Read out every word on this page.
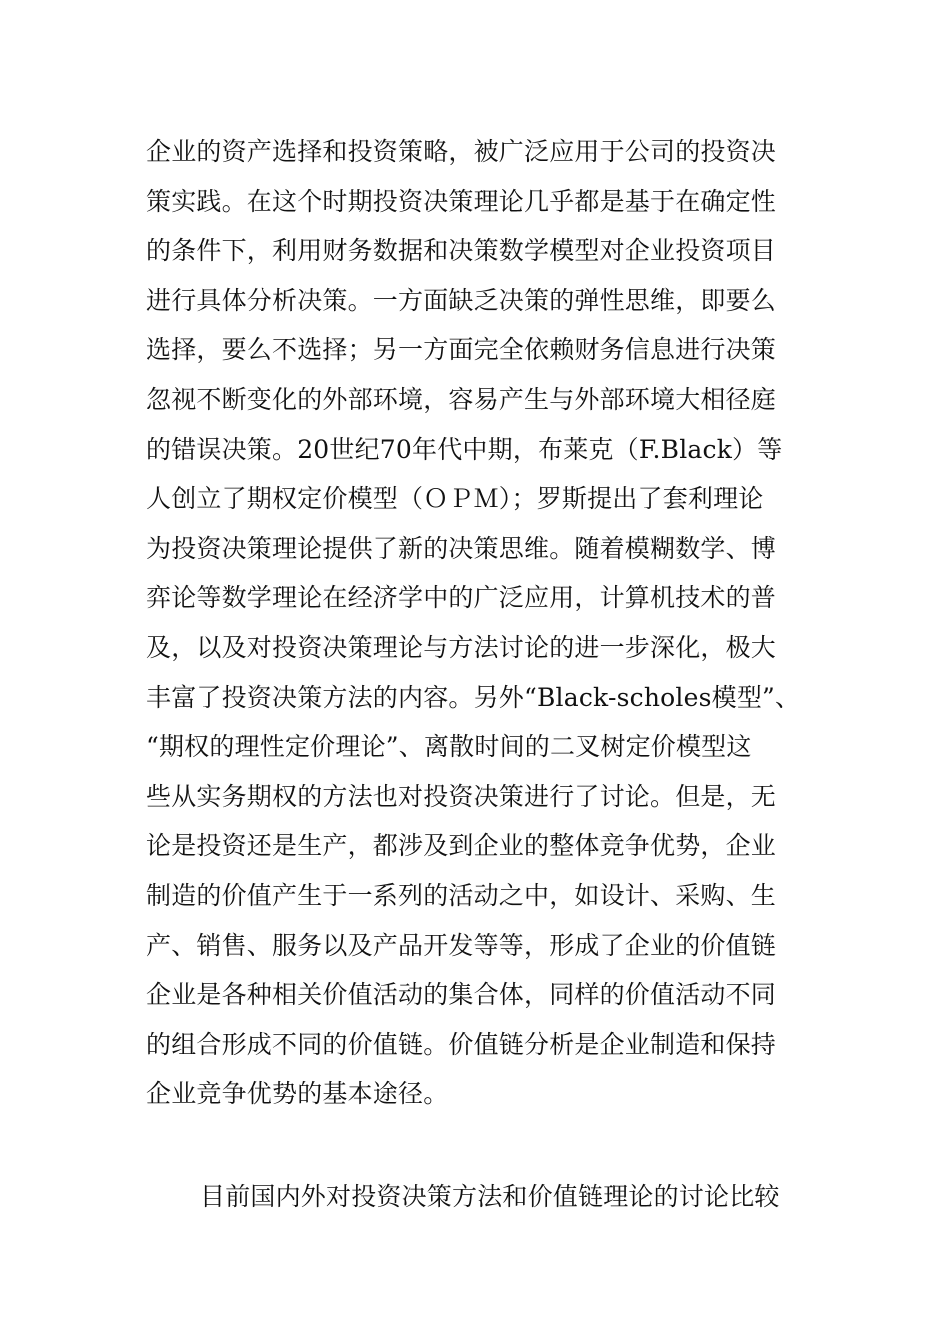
企业的资产选择和投资策略，被广泛应用于公司的投资决
策实践。在这个时期投资决策理论几乎都是基于在确定性
的条件下，利用财务数据和决策数学模型对企业投资项目
进行具体分析决策。一方面缺乏决策的弹性思维，即要么
选择，要么不选择；另一方面完全依赖财务信息进行决策
忽视不断变化的外部环境，容易产生与外部环境大相径庭
的错误决策。20世纪70年代中期，布莱克（F.Black）等
人创立了期权定价模型（ＯＰＭ）；罗斯提出了套利理论
为投资决策理论提供了新的决策思维。随着模糊数学、博
弈论等数学理论在经济学中的广泛应用，计算机技术的普
及，以及对投资决策理论与方法讨论的进一步深化，极大
丰富了投资决策方法的内容。另外“Black-scholes模型”、
“期权的理性定价理论”、离散时间的二叉树定价模型这
些从实务期权的方法也对投资决策进行了讨论。但是，无
论是投资还是生产，都涉及到企业的整体竞争优势，企业
制造的价值产生于一系列的活动之中，如设计、采购、生
产、销售、服务以及产品开发等等，形成了企业的价值链
企业是各种相关价值活动的集合体，同样的价值活动不同
的组合形成不同的价值链。价值链分析是企业制造和保持
企业竞争优势的基本途径。
目前国内外对投资决策方法和价值链理论的讨论比较
